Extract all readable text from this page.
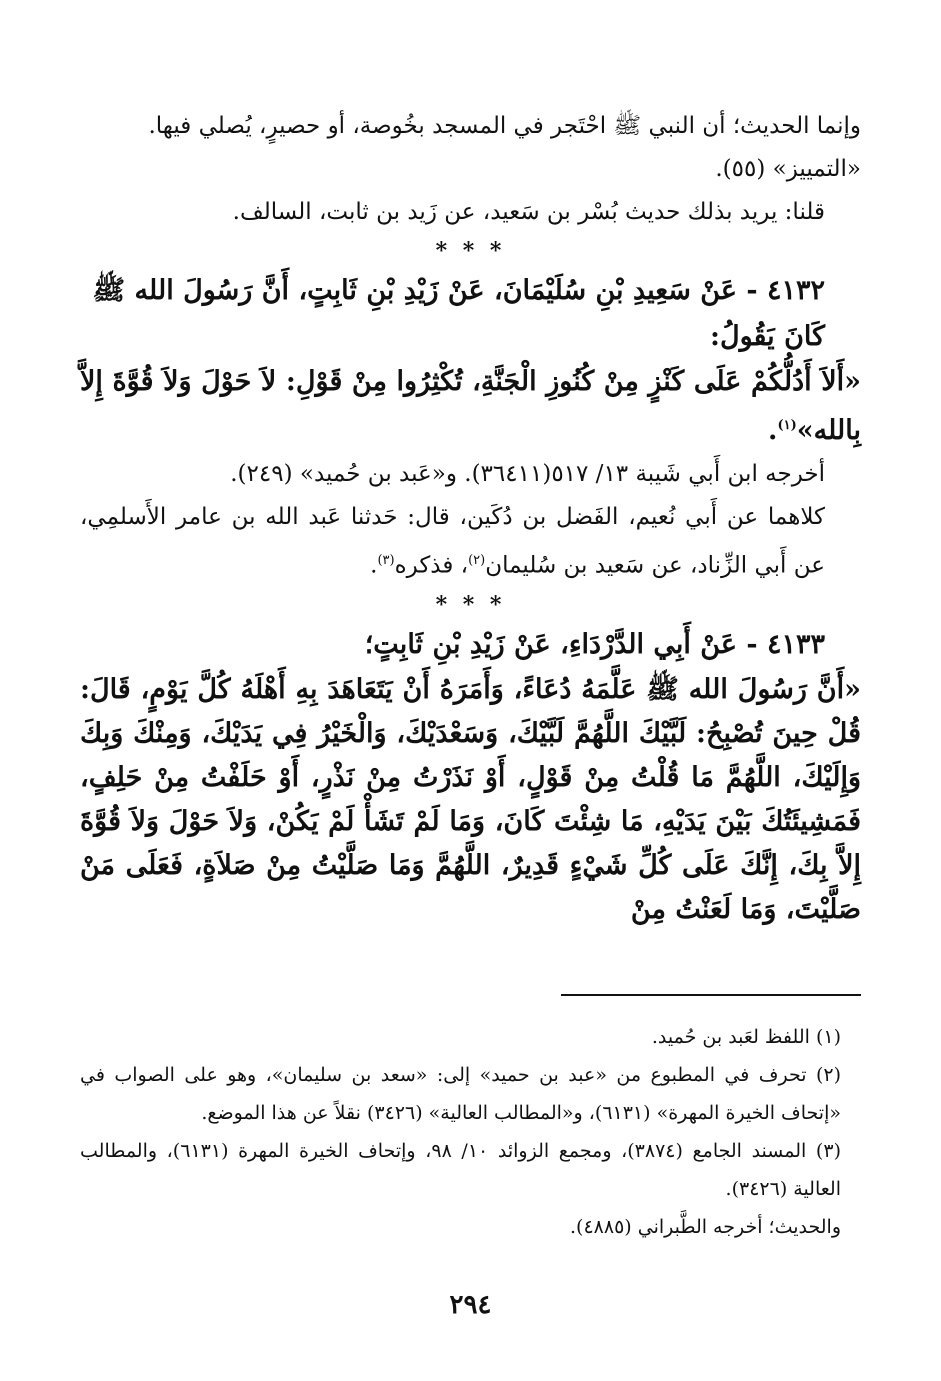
وإنما الحديث؛ أن النبي ﷺ احْتَجر في المسجد بخُوصة، أو حصيرٍ، يُصلي فيها.

«التمييز» (٥٥).

قلنا: يريد بذلك حديث بُسْر بن سَعيد، عن زَيد بن ثابت، السالف.

* * *

٤١٣٢ - عَنْ سَعِيدِ بْنِ سُلَيْمَانَ، عَنْ زَيْدِ بْنِ ثَابِتٍ، أَنَّ رَسُولَ الله ﷺ كَانَ يَقُولُ:

«أَلاَ أَدُلُّكُمْ عَلَى كَنْزٍ مِنْ كُنُوزِ الْجَنَّةِ، تُكْثِرُوا مِنْ قَوْلِ: لاَ حَوْلَ وَلاَ قُوَّةَ إِلاَّ بِالله»$^{(١)}$.

أخرجه ابن أَبي شَيبة ١٣/ ٥١٧(٣٦٤١١). و«عَبد بن حُميد» (٢٤٩).

كلاهما عن أَبي نُعيم، الفَضل بن دُكَين، قال: حَدثنا عَبد الله بن عامر الأَسلمِي، عن أَبي الزِّناد، عن سَعيد بن سُليمان$^{(٢)}$، فذكره$^{(٣)}$.

* * *

٤١٣٣ - عَنْ أَبِي الدَّرْدَاءِ، عَنْ زَيْدِ بْنِ ثَابِتٍ؛

«أَنَّ رَسُولَ الله ﷺ عَلَّمَهُ دُعَاءً، وَأَمَرَهُ أَنْ يَتَعَاهَدَ بِهِ أَهْلَهُ كُلَّ يَوْمٍ، قَالَ: قُلْ حِينَ تُصْبِحُ: لَبَّيْكَ اللَّهُمَّ لَبَّيْكَ، وَسَعْدَيْكَ، وَالْخَيْرُ فِي يَدَيْكَ، وَمِنْكَ وَبِكَ وَإِلَيْكَ، اللَّهُمَّ مَا قُلْتُ مِنْ قَوْلٍ، أَوْ نَذَرْتُ مِنْ نَذْرٍ، أَوْ حَلَفْتُ مِنْ حَلِفٍ، فَمَشِيئَتُكَ بَيْنَ يَدَيْهِ، مَا شِئْتَ كَانَ، وَمَا لَمْ تَشَأْ لَمْ يَكُنْ، وَلاَ حَوْلَ وَلاَ قُوَّةَ إِلاَّ بِكَ، إِنَّكَ عَلَى كُلِّ شَيْءٍ قَدِيرٌ، اللَّهُمَّ وَمَا صَلَّيْتُ مِنْ صَلاَةٍ، فَعَلَى مَنْ صَلَّيْتَ، وَمَا لَعَنْتُ مِنْ

(١) اللفظ لعَبد بن حُميد.

(٢) تحرف في المطبوع من «عبد بن حميد» إلى: «سعد بن سليمان»، وهو على الصواب في «إتحاف الخيرة المهرة» (٦١٣١)، و«المطالب العالية» (٣٤٢٦) نقلاً عن هذا الموضع.

(٣) المسند الجامع (٣٨٧٤)، ومجمع الزوائد ١٠/ ٩٨، وإتحاف الخيرة المهرة (٦١٣١)، والمطالب العالية (٣٤٢٦).

والحديث؛ أخرجه الطَّبراني (٤٨٨٥).

٢٩٤
